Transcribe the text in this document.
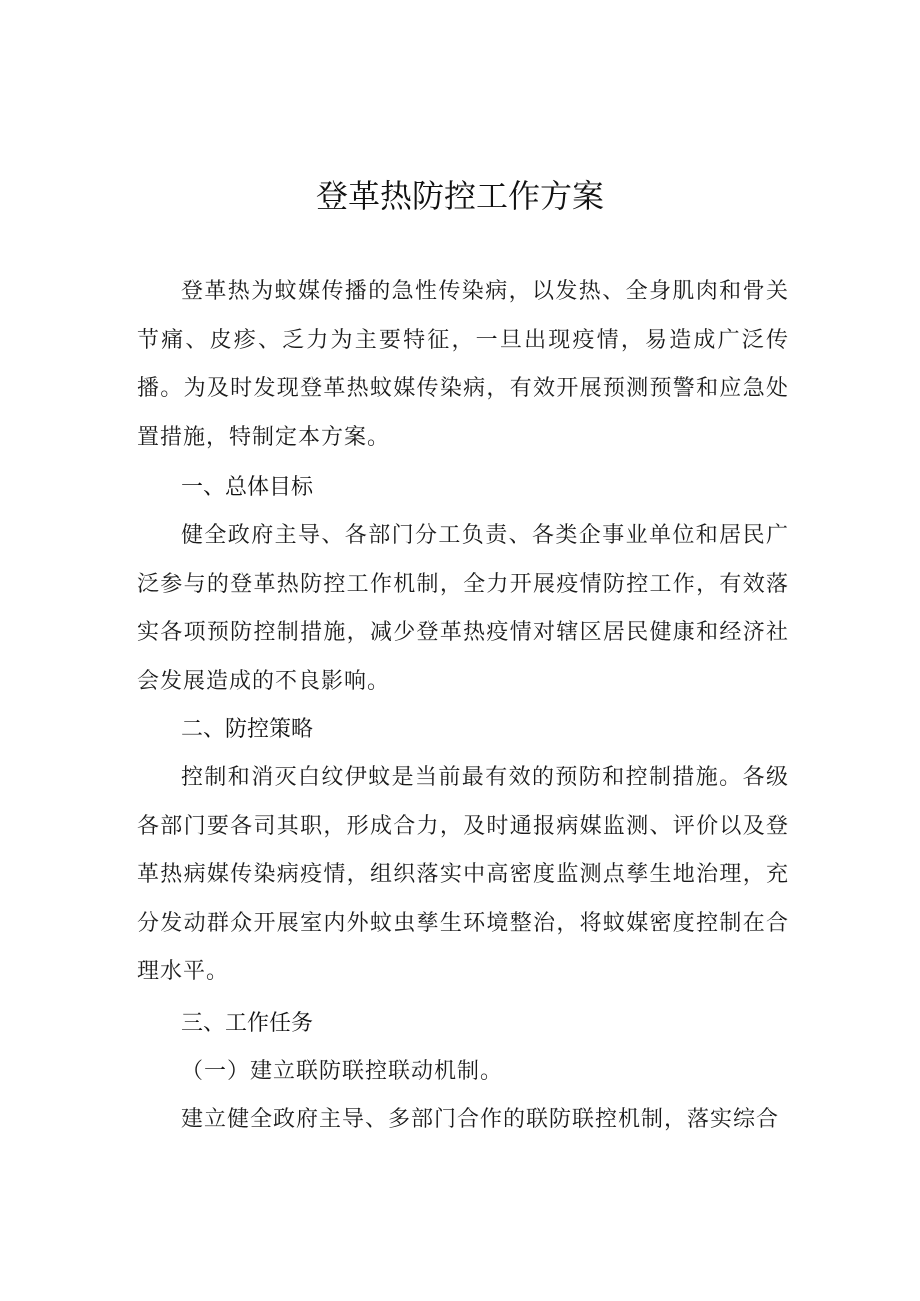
登革热防控工作方案

登革热为蚊媒传播的急性传染病，以发热、全身肌肉和骨关节痛、皮疹、乏力为主要特征，一旦出现疫情，易造成广泛传播。为及时发现登革热蚊媒传染病，有效开展预测预警和应急处置措施，特制定本方案。

一、总体目标

健全政府主导、各部门分工负责、各类企事业单位和居民广泛参与的登革热防控工作机制，全力开展疫情防控工作，有效落实各项预防控制措施，减少登革热疫情对辖区居民健康和经济社会发展造成的不良影响。

二、防控策略

控制和消灭白纹伊蚊是当前最有效的预防和控制措施。各级各部门要各司其职，形成合力，及时通报病媒监测、评价以及登革热病媒传染病疫情，组织落实中高密度监测点孳生地治理，充分发动群众开展室内外蚊虫孳生环境整治，将蚊媒密度控制在合理水平。

三、工作任务
（一）建立联防联控联动机制。

建立健全政府主导、多部门合作的联防联控机制，落实综合
